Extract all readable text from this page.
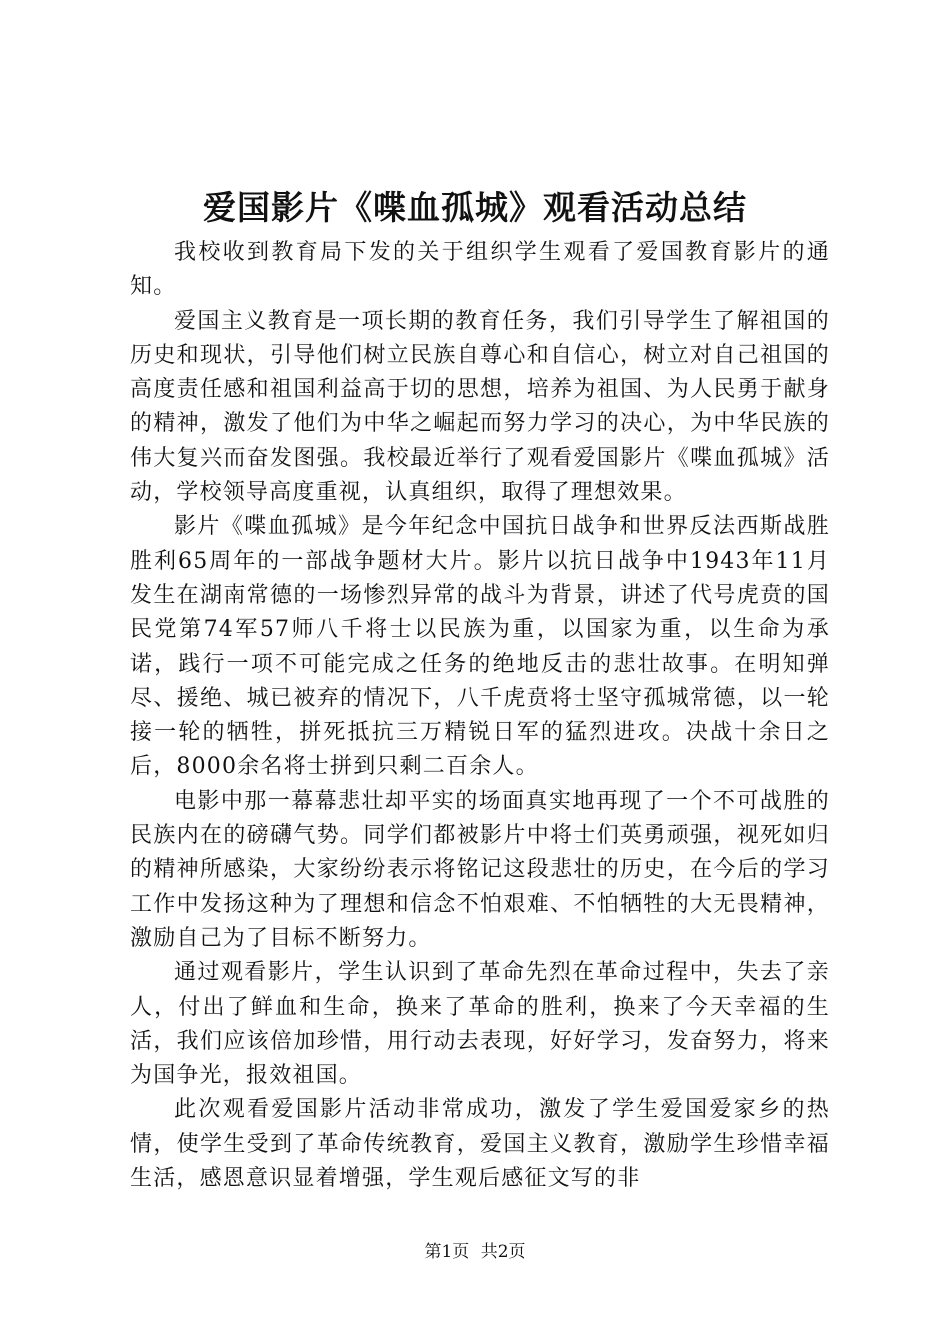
爱国影片《喋血孤城》观看活动总结

我校收到教育局下发的关于组织学生观看了爱国教育影片的通知。

爱国主义教育是一项长期的教育任务，我们引导学生了解祖国的历史和现状，引导他们树立民族自尊心和自信心，树立对自己祖国的高度责任感和祖国利益高于切的思想，培养为祖国、为人民勇于献身的精神，激发了他们为中华之崛起而努力学习的决心，为中华民族的伟大复兴而奋发图强。我校最近举行了观看爱国影片《喋血孤城》活动，学校领导高度重视，认真组织，取得了理想效果。

影片《喋血孤城》是今年纪念中国抗日战争和世界反法西斯战胜胜利65周年的一部战争题材大片。影片以抗日战争中1943年11月发生在湖南常德的一场惨烈异常的战斗为背景，讲述了代号虎贲的国民党第74军57师八千将士以民族为重，以国家为重，以生命为承诺，践行一项不可能完成之任务的绝地反击的悲壮故事。在明知弹尽、援绝、城已被弃的情况下，八千虎贲将士坚守孤城常德，以一轮接一轮的牺牲，拼死抵抗三万精锐日军的猛烈进攻。决战十余日之后，8000余名将士拼到只剩二百余人。

电影中那一幕幕悲壮却平实的场面真实地再现了一个不可战胜的民族内在的磅礴气势。同学们都被影片中将士们英勇顽强，视死如归的精神所感染，大家纷纷表示将铭记这段悲壮的历史，在今后的学习工作中发扬这种为了理想和信念不怕艰难、不怕牺牲的大无畏精神，激励自己为了目标不断努力。

通过观看影片，学生认识到了革命先烈在革命过程中，失去了亲人，付出了鲜血和生命，换来了革命的胜利，换来了今天幸福的生活，我们应该倍加珍惜，用行动去表现，好好学习，发奋努力，将来为国争光，报效祖国。

此次观看爱国影片活动非常成功，激发了学生爱国爱家乡的热情，使学生受到了革命传统教育，爱国主义教育，激励学生珍惜幸福生活，感恩意识显着增强，学生观后感征文写的非

第1页 共2页
